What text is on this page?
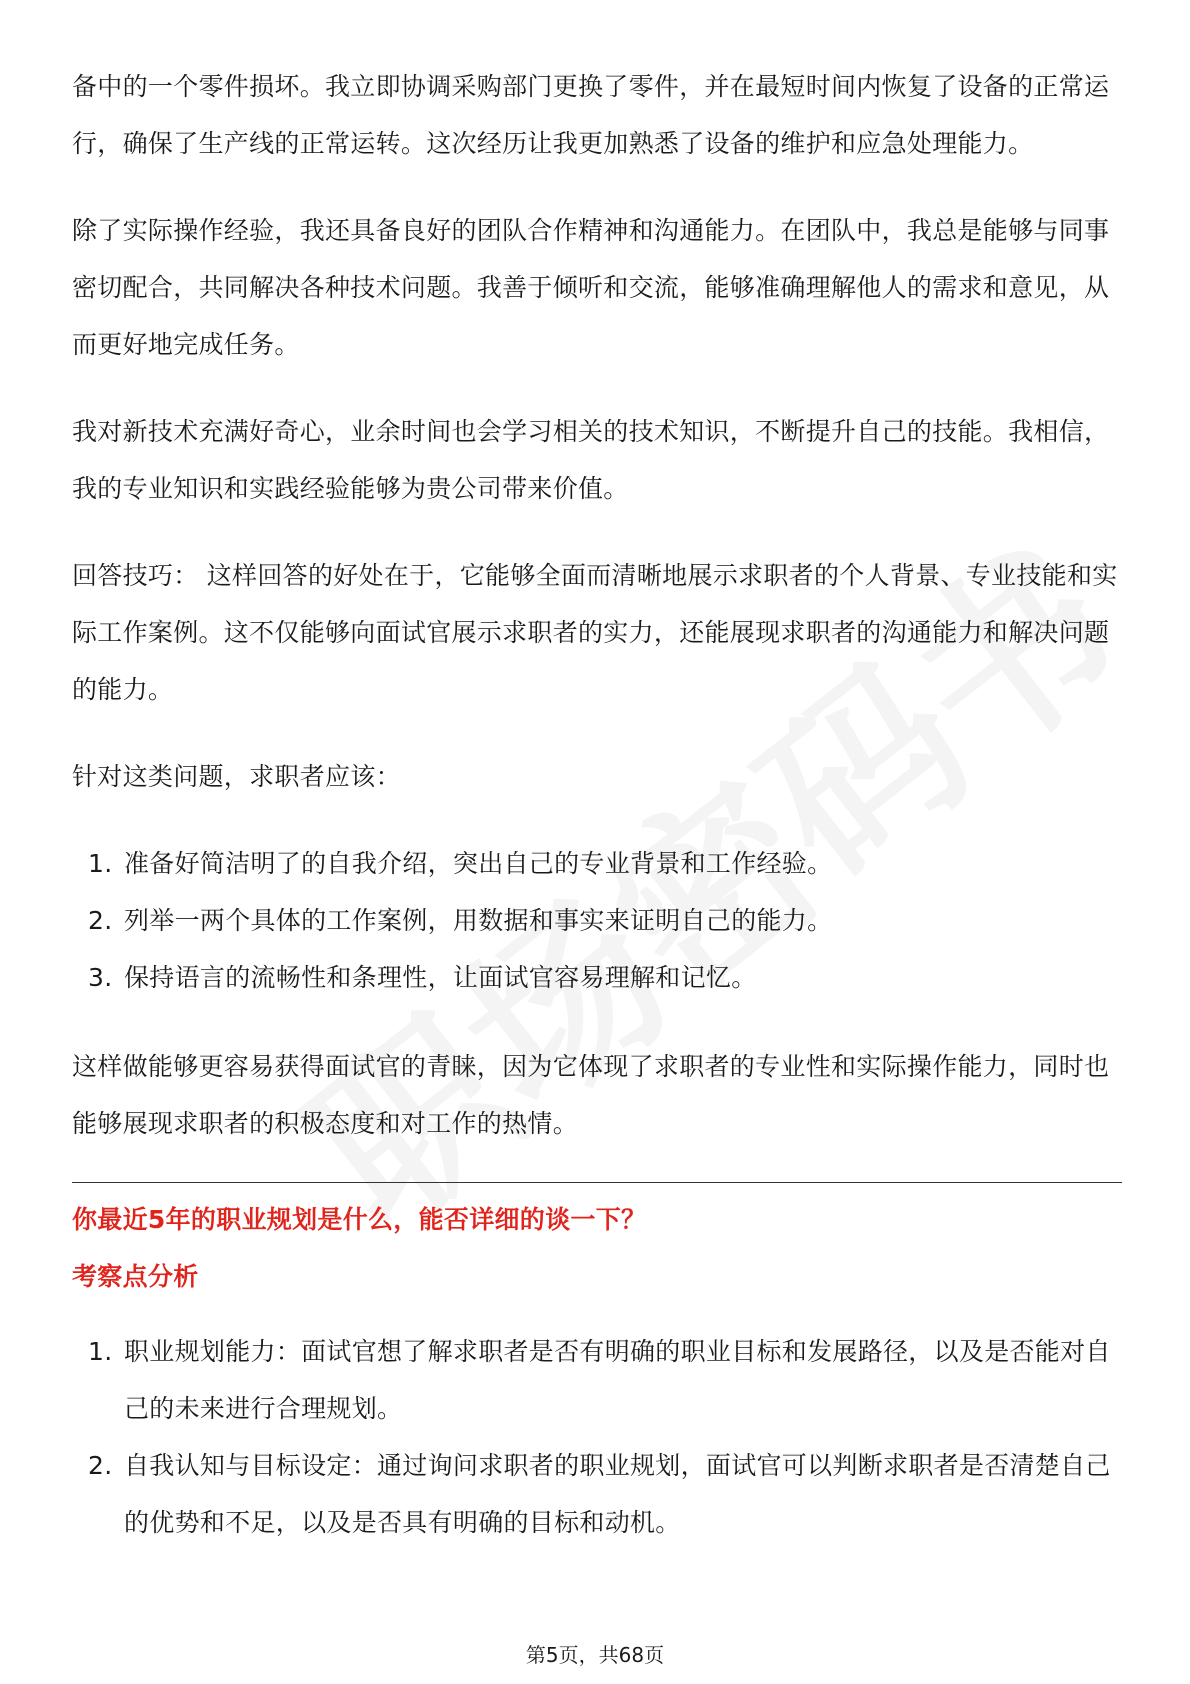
备中的一个零件损坏。我立即协调采购部门更换了零件，并在最短时间内恢复了设备的正常运行，确保了生产线的正常运转。这次经历让我更加熟悉了设备的维护和应急处理能力。

除了实际操作经验，我还具备良好的团队合作精神和沟通能力。在团队中，我总是能够与同事密切配合，共同解决各种技术问题。我善于倾听和交流，能够准确理解他人的需求和意见，从而更好地完成任务。

我对新技术充满好奇心，业余时间也会学习相关的技术知识，不断提升自己的技能。我相信，我的专业知识和实践经验能够为贵公司带来价值。

回答技巧： 这样回答的好处在于，它能够全面而清晰地展示求职者的个人背景、专业技能和实际工作案例。这不仅能够向面试官展示求职者的实力，还能展现求职者的沟通能力和解决问题的能力。

针对这类问题，求职者应该：

1. 准备好简洁明了的自我介绍，突出自己的专业背景和工作经验。
2. 列举一两个具体的工作案例，用数据和事实来证明自己的能力。
3. 保持语言的流畅性和条理性，让面试官容易理解和记忆。

这样做能够更容易获得面试官的青睐，因为它体现了求职者的专业性和实际操作能力，同时也能够展现求职者的积极态度和对工作的热情。

你最近5年的职业规划是什么，能否详细的谈一下？

考察点分析

1. 职业规划能力：面试官想了解求职者是否有明确的职业目标和发展路径，以及是否能对自己的未来进行合理规划。
2. 自我认知与目标设定：通过询问求职者的职业规划，面试官可以判断求职者是否清楚自己的优势和不足，以及是否具有明确的目标和动机。
第5页，共68页
